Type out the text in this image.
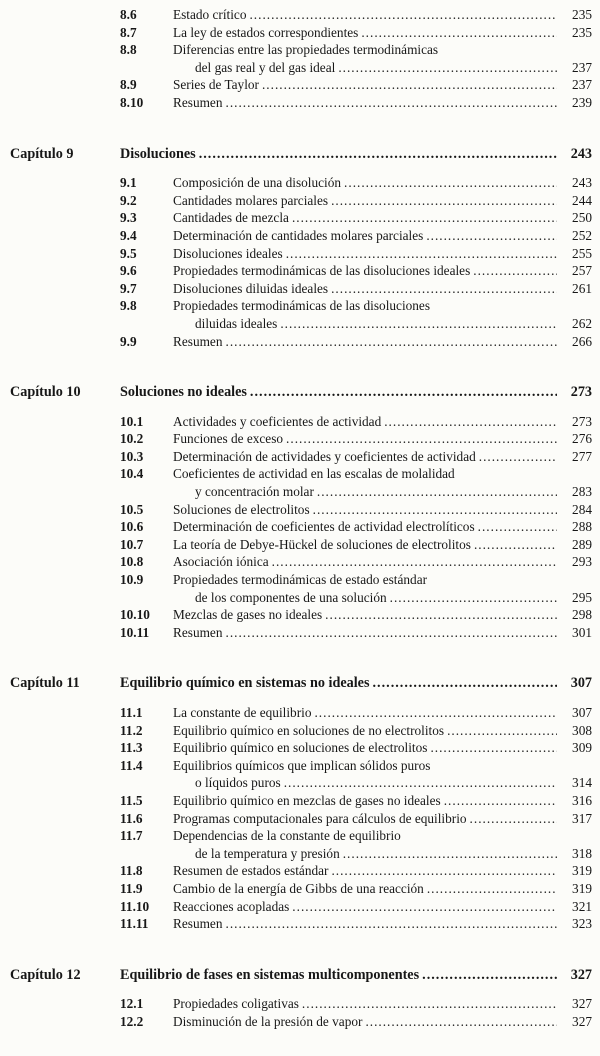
8.6	Estado crítico .....	235
8.7	La ley de estados correspondientes .....	235
8.8	Diferencias entre las propiedades termodinámicas
del gas real y del gas ideal .....	237
8.9	Series de Taylor .....	237
8.10	Resumen .....	239
Capítulo 9	Disoluciones .....	243
9.1	Composición de una disolución .....	243
9.2	Cantidades molares parciales .....	244
9.3	Cantidades de mezcla .....	250
9.4	Determinación de cantidades molares parciales .....	252
9.5	Disoluciones ideales .....	255
9.6	Propiedades termodinámicas de las disoluciones ideales .....	257
9.7	Disoluciones diluidas ideales .....	261
9.8	Propiedades termodinámicas de las disoluciones
diluidas ideales .....	262
9.9	Resumen .....	266
Capítulo 10	Soluciones no ideales .....	273
10.1	Actividades y coeficientes de actividad .....	273
10.2	Funciones de exceso .....	276
10.3	Determinación de actividades y coeficientes de actividad .....	277
10.4	Coeficientes de actividad en las escalas de molalidad
y concentración molar .....	283
10.5	Soluciones de electrolitos .....	284
10.6	Determinación de coeficientes de actividad electrolíticos .....	288
10.7	La teoría de Debye-Hückel de soluciones de electrolitos .....	289
10.8	Asociación iónica .....	293
10.9	Propiedades termodinámicas de estado estándar
de los componentes de una solución .....	295
10.10	Mezclas de gases no ideales .....	298
10.11	Resumen .....	301
Capítulo 11	Equilibrio químico en sistemas no ideales .....	307
11.1	La constante de equilibrio .....	307
11.2	Equilibrio químico en soluciones de no electrolitos .....	308
11.3	Equilibrio químico en soluciones de electrolitos .....	309
11.4	Equilibrios químicos que implican sólidos puros
o líquidos puros .....	314
11.5	Equilibrio químico en mezclas de gases no ideales .....	316
11.6	Programas computacionales para cálculos de equilibrio .....	317
11.7	Dependencias de la constante de equilibrio
de la temperatura y presión .....	318
11.8	Resumen de estados estándar .....	319
11.9	Cambio de la energía de Gibbs de una reacción .....	319
11.10	Reacciones acopladas .....	321
11.11	Resumen .....	323
Capítulo 12	Equilibrio de fases en sistemas multicomponentes .....	327
12.1	Propiedades coligativas .....	327
12.2	Disminución de la presión de vapor .....	327
